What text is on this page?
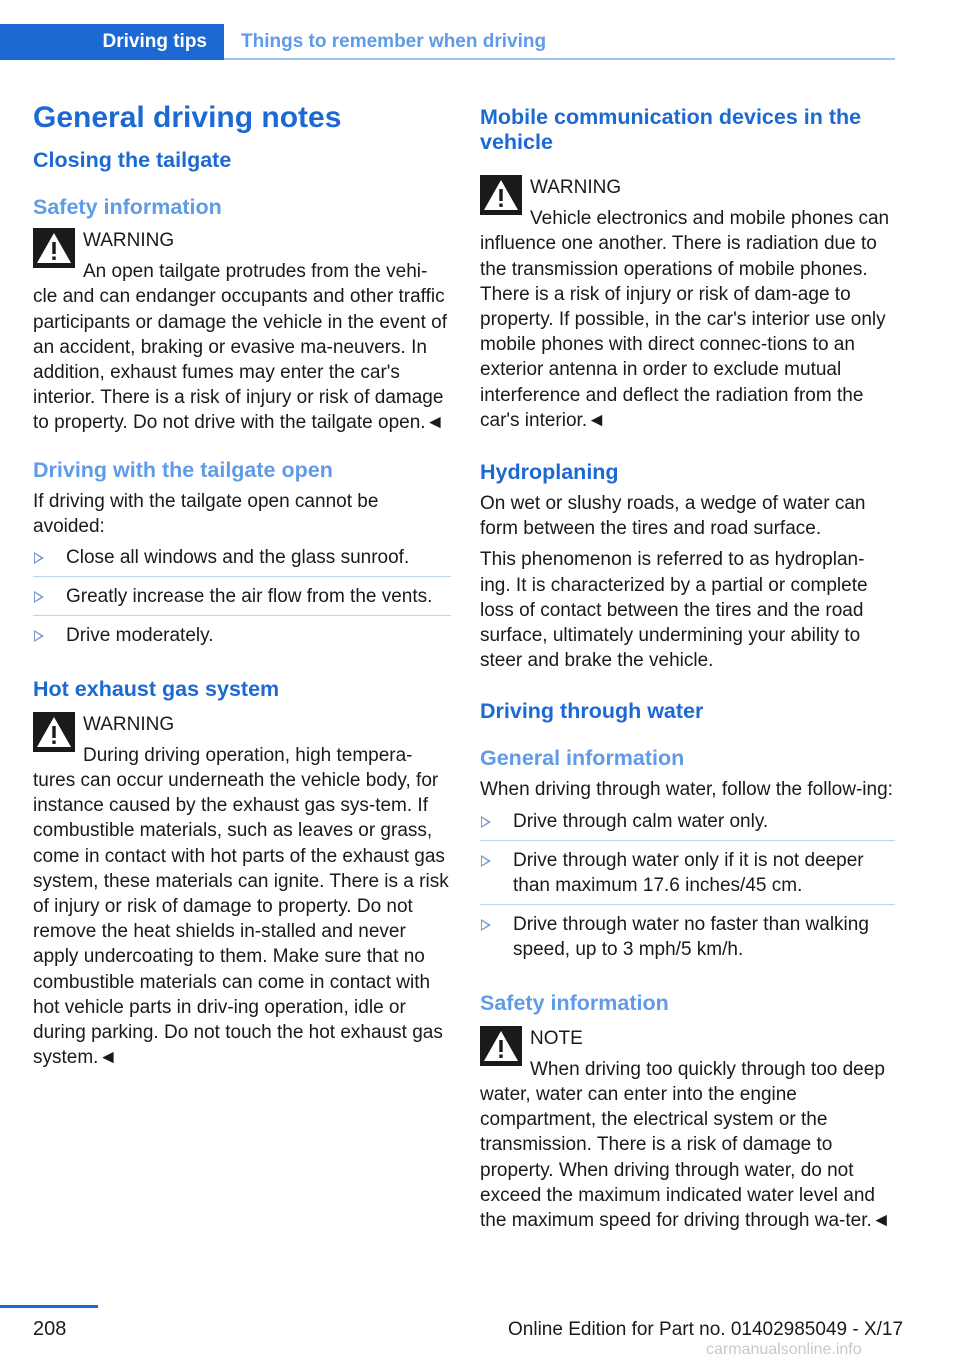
Driving tips	Things to remember when driving
General driving notes
Closing the tailgate
Safety information
WARNING
An open tailgate protrudes from the vehi-cle and can endanger occupants and other traffic participants or damage the vehicle in the event of an accident, braking or evasive ma-neuvers. In addition, exhaust fumes may enter the car's interior. There is a risk of injury or risk of damage to property. Do not drive with the tailgate open.◄
Driving with the tailgate open
If driving with the tailgate open cannot be avoided:
Close all windows and the glass sunroof.
Greatly increase the air flow from the vents.
Drive moderately.
Hot exhaust gas system
WARNING
During driving operation, high tempera-tures can occur underneath the vehicle body, for instance caused by the exhaust gas sys-tem. If combustible materials, such as leaves or grass, come in contact with hot parts of the exhaust gas system, these materials can ignite. There is a risk of injury or risk of damage to property. Do not remove the heat shields in-stalled and never apply undercoating to them. Make sure that no combustible materials can come in contact with hot vehicle parts in driv-ing operation, idle or during parking. Do not touch the hot exhaust gas system.◄
Mobile communication devices in the vehicle
WARNING
Vehicle electronics and mobile phones can influence one another. There is radiation due to the transmission operations of mobile phones. There is a risk of injury or risk of dam-age to property. If possible, in the car's interior use only mobile phones with direct connec-tions to an exterior antenna in order to exclude mutual interference and deflect the radiation from the car's interior.◄
Hydroplaning
On wet or slushy roads, a wedge of water can form between the tires and road surface.
This phenomenon is referred to as hydroplan-ing. It is characterized by a partial or complete loss of contact between the tires and the road surface, ultimately undermining your ability to steer and brake the vehicle.
Driving through water
General information
When driving through water, follow the follow-ing:
Drive through calm water only.
Drive through water only if it is not deeper than maximum 17.6 inches/45 cm.
Drive through water no faster than walking speed, up to 3 mph/5 km/h.
Safety information
NOTE
When driving too quickly through too deep water, water can enter into the engine compartment, the electrical system or the transmission. There is a risk of damage to property. When driving through water, do not exceed the maximum indicated water level and the maximum speed for driving through wa-ter.◄
208	Online Edition for Part no. 01402985049 - X/17
carmanualsonline.info
